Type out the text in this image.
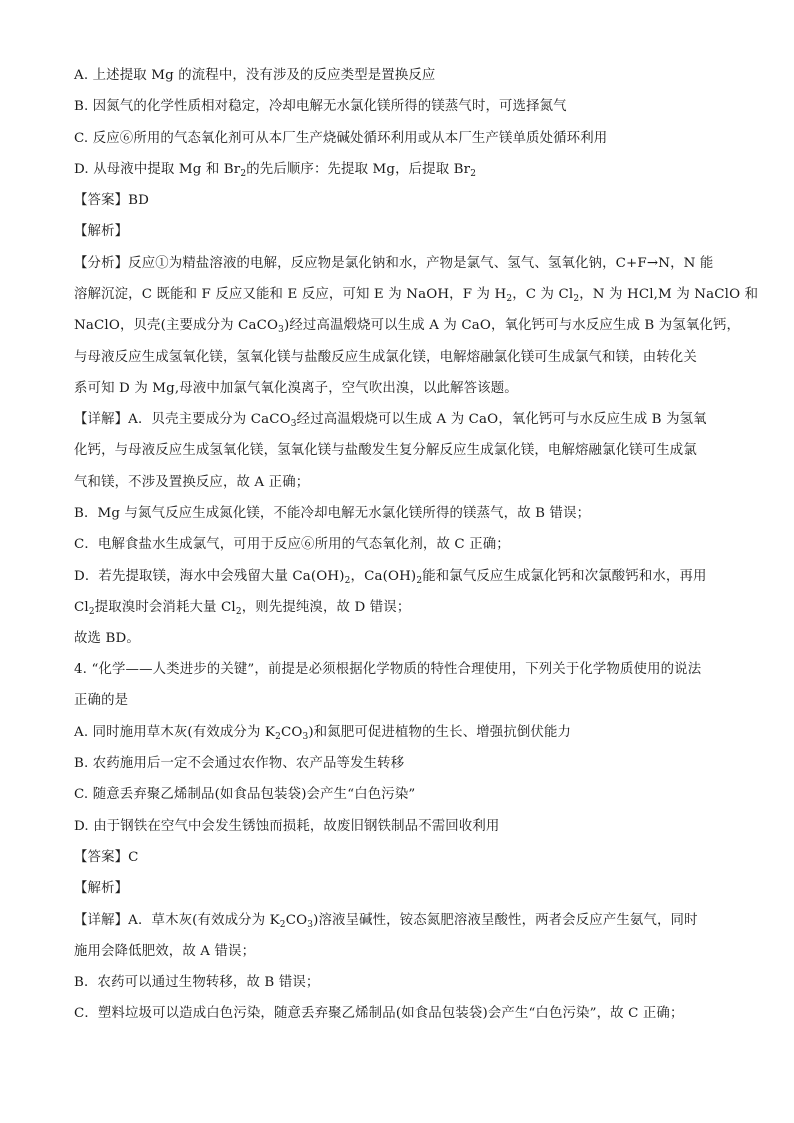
A. 上述提取 Mg 的流程中，没有涉及的反应类型是置换反应
B. 因氮气的化学性质相对稳定，冷却电解无水氯化镁所得的镁蒸气时，可选择氮气
C. 反应⑥所用的气态氧化剂可从本厂生产烧碱处循环利用或从本厂生产镁单质处循环利用
D. 从母液中提取 Mg 和 $Br_2$的先后顺序：先提取 Mg，后提取 $Br_2$
【答案】BD
【解析】
【分析】反应①为精盐溶液的电解，反应物是氯化钠和水，产物是氯气、氢气、氢氧化钠，C+F→N，N 能
溶解沉淀，C 既能和 F 反应又能和 E 反应，可知 E 为 NaOH，F 为 $H_2$，C 为 $Cl_2$，N 为 HCl,M 为 NaClO 和
NaClO，贝壳(主要成分为 CaCO$_3$)经过高温煅烧可以生成 A 为 CaO，氧化钙可与水反应生成 B 为氢氧化钙，
与母液反应生成氢氧化镁，氢氧化镁与盐酸反应生成氯化镁，电解熔融氯化镁可生成氯气和镁，由转化关
系可知 D 为 Mg,母液中加氯气氧化溴离子，空气吹出溴，以此解答该题。
【详解】A．贝壳主要成分为 CaCO$_3$经过高温煅烧可以生成 A 为 CaO，氧化钙可与水反应生成 B 为氢氧
化钙，与母液反应生成氢氧化镁，氢氧化镁与盐酸发生复分解反应生成氯化镁，电解熔融氯化镁可生成氯
气和镁，不涉及置换反应，故 A 正确；
B．Mg 与氮气反应生成氮化镁，不能冷却电解无水氯化镁所得的镁蒸气，故 B 错误；
C．电解食盐水生成氯气，可用于反应⑥所用的气态氧化剂，故 C 正确；
D．若先提取镁，海水中会残留大量 $Ca(OH)_2$，$Ca(OH)_2$能和氯气反应生成氯化钙和次氯酸钙和水，再用
$Cl_2$提取溴时会消耗大量 $Cl_2$，则先提纯溴，故 D 错误；
故选 BD。
4. “化学——人类进步的关键”，前提是必须根据化学物质的特性合理使用，下列关于化学物质使用的说法
正确的是
A. 同时施用草木灰(有效成分为 $K_2CO_3$)和氮肥可促进植物的生长、增强抗倒伏能力
B. 农药施用后一定不会通过农作物、农产品等发生转移
C. 随意丢弃聚乙烯制品(如食品包装袋)会产生“白色污染”
D. 由于钢铁在空气中会发生锈蚀而损耗，故废旧钢铁制品不需回收利用
【答案】C
【解析】
【详解】A．草木灰(有效成分为 $K_2CO_3$)溶液呈碱性，铵态氮肥溶液呈酸性，两者会反应产生氨气，同时
施用会降低肥效，故 A 错误；
B．农药可以通过生物转移，故 B 错误；
C．塑料垃圾可以造成白色污染，随意丢弃聚乙烯制品(如食品包装袋)会产生“白色污染”，故 C 正确；
